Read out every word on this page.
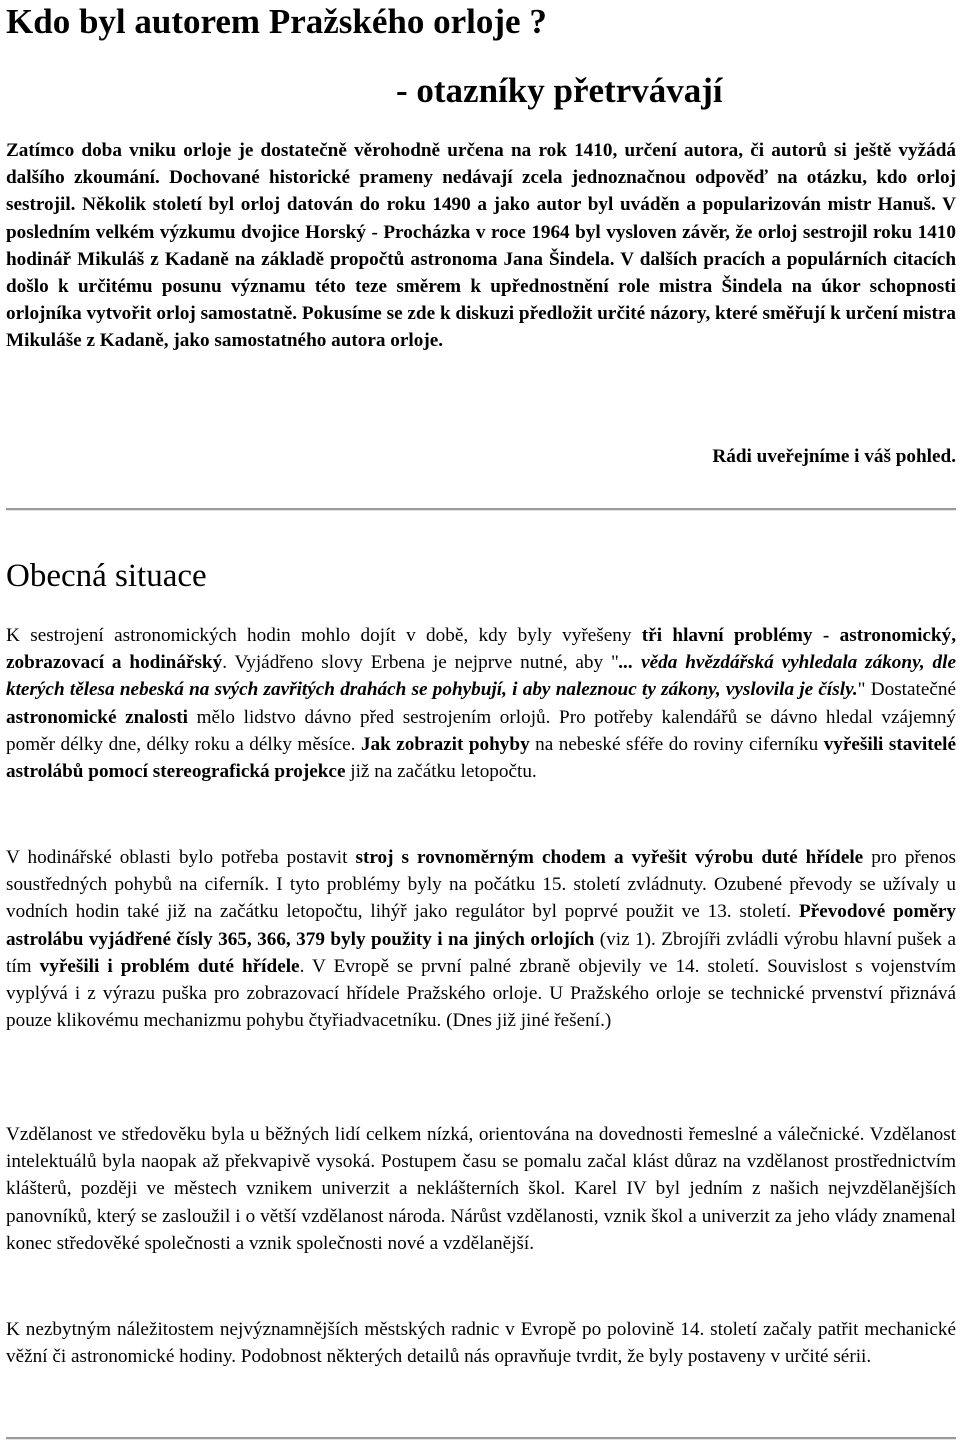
Kdo byl autorem Pražského orloje ?
- otazníky přetrvávají

Zatímco doba vniku orloje je dostatečně věrohodně určena na rok 1410, určení autora, či autorů si ještě vyžádá dalšího zkoumání. Dochované historické prameny nedávají zcela jednoznačnou odpověď na otázku, kdo orloj sestrojil. Několik století byl orloj datován do roku 1490 a jako autor byl uváděn a popularizován mistr Hanuš. V posledním velkém výzkumu dvojice Horský - Procházka v roce 1964 byl vysloven závěr, že orloj sestrojil roku 1410 hodinář Mikuláš z Kadaně na základě propočtů astronoma Jana Šindela. V dalších pracích a populárních citacích došlo k určitému posunu významu této teze směrem k upřednostnění role mistra Šindela na úkor schopnosti orlojníka vytvořit orloj samostatně. Pokusíme se zde k diskuzi předložit určité názory, které směřují k určení mistra Mikuláše z Kadaně, jako samostatného autora orloje.

Rádi uveřejníme i váš pohled.

Obecná situace

K sestrojení astronomických hodin mohlo dojít v době, kdy byly vyřešeny tři hlavní problémy - astronomický, zobrazovací a hodinářský. Vyjádřeno slovy Erbena je nejprve nutné, aby "... věda hvězdářská vyhledala zákony, dle kterých tělesa nebeská na svých zavřitých drahách se pohybují, i aby naleznouc ty zákony, vyslovila je čísly." Dostatečné astronomické znalosti mělo lidstvo dávno před sestrojením orlojů. Pro potřeby kalendářů se dávno hledal vzájemný poměr délky dne, délky roku a délky měsíce. Jak zobrazit pohyby na nebeské sféře do roviny ciferníku vyřešili stavitelé astrolábů pomocí stereografická projekce již na začátku letopočtu.

V hodinářské oblasti bylo potřeba postavit stroj s rovnoměrným chodem a vyřešit výrobu duté hřídele pro přenos soustředných pohybů na ciferník. I tyto problémy byly na počátku 15. století zvládnuty. Ozubené převody se užívaly u vodních hodin také již na začátku letopočtu, lihýř jako regulátor byl poprvé použit ve 13. století. Převodové poměry astrolábu vyjádřené čísly 365, 366, 379 byly použity i na jiných orlojích (viz 1). Zbrojíři zvládli výrobu hlavní pušek a tím vyřešili i problém duté hřídele. V Evropě se první palné zbraně objevily ve 14. století. Souvislost s vojenstvím vyplývá i z výrazu puška pro zobrazovací hřídele Pražského orloje. U Pražského orloje se technické prvenství přiznává pouze klikovému mechanizmu pohybu čtyřiadvacetníku. (Dnes již jiné řešení.)

Vzdělanost ve středověku byla u běžných lidí celkem nízká, orientována na dovednosti řemeslné a válečnické. Vzdělanost intelektuálů byla naopak až překvapivě vysoká. Postupem času se pomalu začal klást důraz na vzdělanost prostřednictvím klášterů, později ve městech vznikem univerzit a neklášterních škol. Karel IV byl jedním z našich nejvzdělanějších panovníků, který se zasloužil i o větší vzdělanost národa. Nárůst vzdělanosti, vznik škol a univerzit za jeho vlády znamenal konec středověké společnosti a vznik společnosti nové a vzdělanější.

K nezbytným náležitostem nejvýznamnějších městských radnic v Evropě po polovině 14. století začaly patřit mechanické věžní či astronomické hodiny. Podobnost některých detailů nás opravňuje tvrdit, že byly postaveny v určité sérii.
